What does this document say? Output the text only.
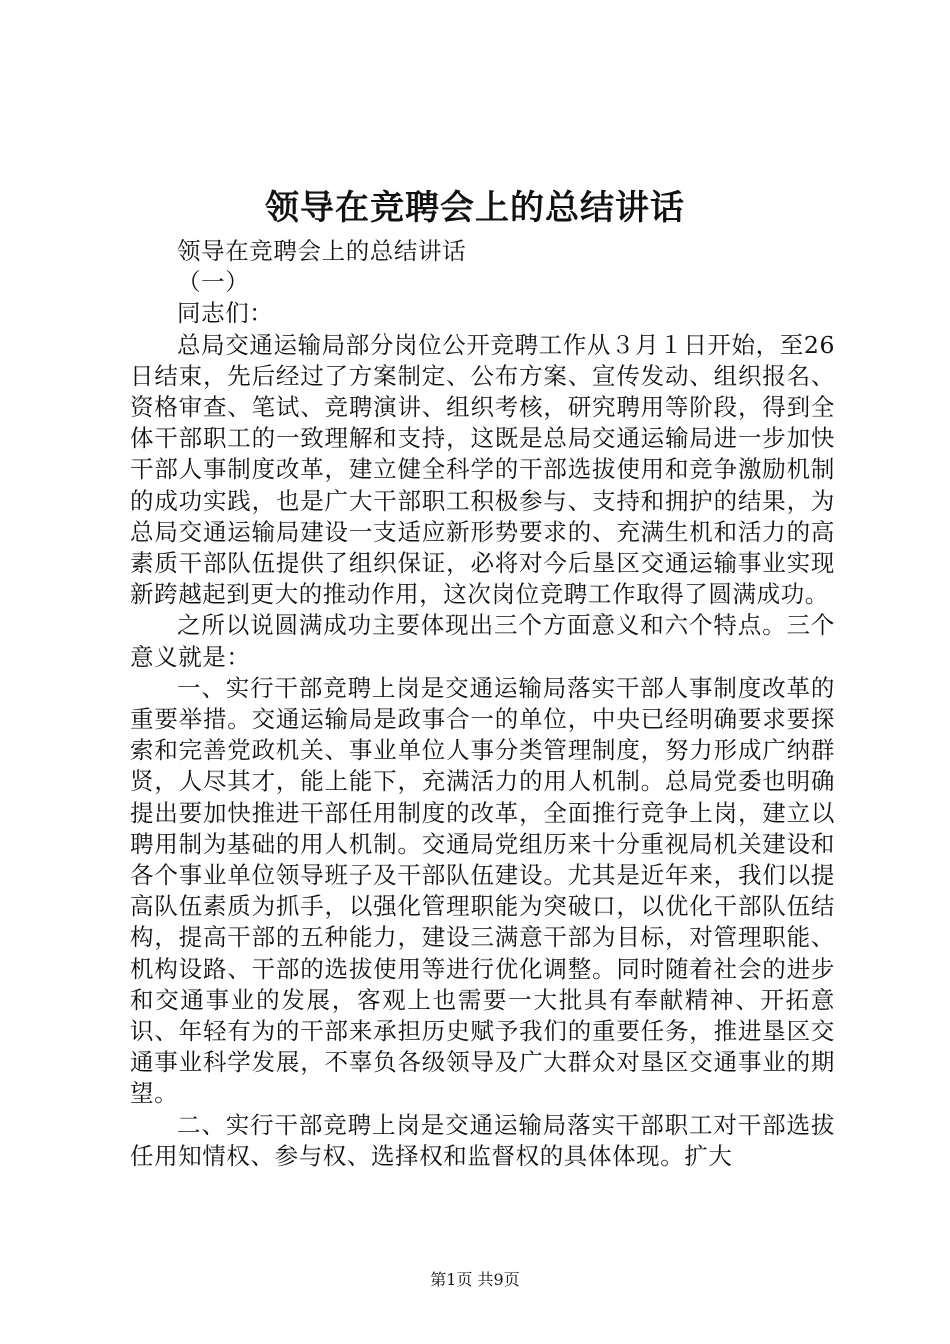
领导在竞聘会上的总结讲话

领导在竞聘会上的总结讲话

（一）

同志们：

总局交通运输局部分岗位公开竞聘工作从３月１日开始，至26日结束，先后经过了方案制定、公布方案、宣传发动、组织报名、资格审查、笔试、竞聘演讲、组织考核，研究聘用等阶段，得到全体干部职工的一致理解和支持，这既是总局交通运输局进一步加快干部人事制度改革，建立健全科学的干部选拔使用和竞争激励机制的成功实践，也是广大干部职工积极参与、支持和拥护的结果，为总局交通运输局建设一支适应新形势要求的、充满生机和活力的高素质干部队伍提供了组织保证，必将对今后垦区交通运输事业实现新跨越起到更大的推动作用，这次岗位竞聘工作取得了圆满成功。

之所以说圆满成功主要体现出三个方面意义和六个特点。三个意义就是：

一、实行干部竞聘上岗是交通运输局落实干部人事制度改革的重要举措。交通运输局是政事合一的单位，中央已经明确要求要探索和完善党政机关、事业单位人事分类管理制度，努力形成广纳群贤，人尽其才，能上能下，充满活力的用人机制。总局党委也明确提出要加快推进干部任用制度的改革，全面推行竞争上岗，建立以聘用制为基础的用人机制。交通局党组历来十分重视局机关建设和各个事业单位领导班子及干部队伍建设。尤其是近年来，我们以提高队伍素质为抓手，以强化管理职能为突破口，以优化干部队伍结构，提高干部的五种能力，建设三满意干部为目标，对管理职能、机构设路、干部的选拔使用等进行优化调整。同时随着社会的进步和交通事业的发展，客观上也需要一大批具有奉献精神、开拓意识、年轻有为的干部来承担历史赋予我们的重要任务，推进垦区交通事业科学发展，不辜负各级领导及广大群众对垦区交通事业的期望。

二、实行干部竞聘上岗是交通运输局落实干部职工对干部选拔任用知情权、参与权、选择权和监督权的具体体现。扩大

第1页 共9页
